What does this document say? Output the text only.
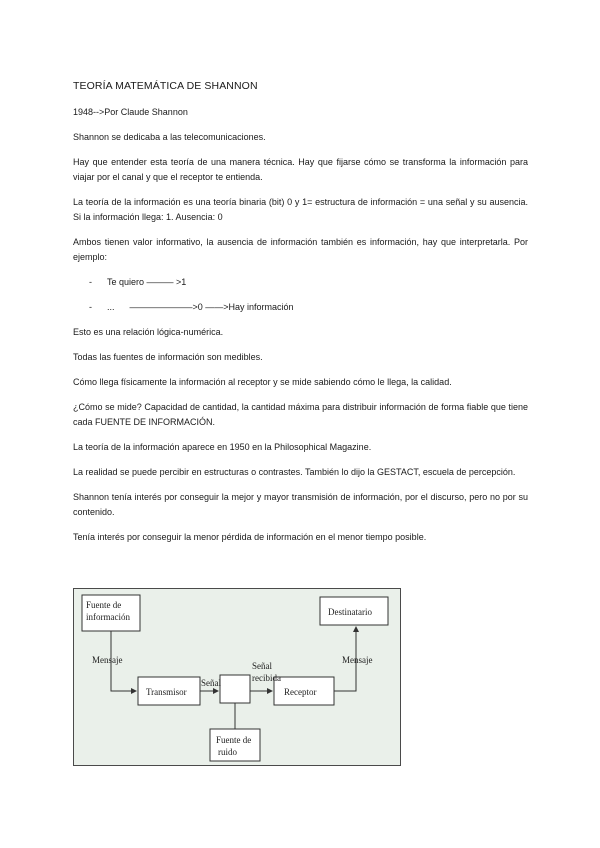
TEORÍA MATEMÁTICA DE SHANNON

1948-->Por Claude Shannon

Shannon se dedicaba a las telecomunicaciones.

Hay que entender esta teoría de una manera técnica. Hay que fijarse cómo se transforma la información para viajar por el canal y que el receptor te entienda.

La teoría de la información es una teoría binaria (bit) 0 y 1= estructura de información = una señal y su ausencia. Si la información llega: 1. Ausencia: 0

Ambos tienen valor informativo, la ausencia de información también es información, hay que interpretarla. Por ejemplo:

-	Te quiero ——— >1
-	...      ———————>0 ——>Hay información

Esto es una relación lógica-numérica.

Todas las fuentes de información son medibles.

Cómo llega físicamente la información al receptor y se mide sabiendo cómo le llega, la calidad.

¿Cómo se mide? Capacidad de cantidad, la cantidad máxima para distribuir información de forma fiable que tiene cada FUENTE DE INFORMACIÓN.

La teoría de la información aparece en 1950 en la Philosophical Magazine.

La realidad se puede percibir en estructuras o contrastes. También lo dijo la GESTACT, escuela de percepción.

Shannon tenía interés por conseguir la mejor y mayor transmisión de información, por el discurso, pero no por su contenido.

Tenía interés por conseguir la menor pérdida de información en el menor tiempo posible.

Fuente de
información
Mensaje
Transmisor
Señal
Señal
recibida
Receptor
Mensaje
Destinatario
Fuente de
ruido
